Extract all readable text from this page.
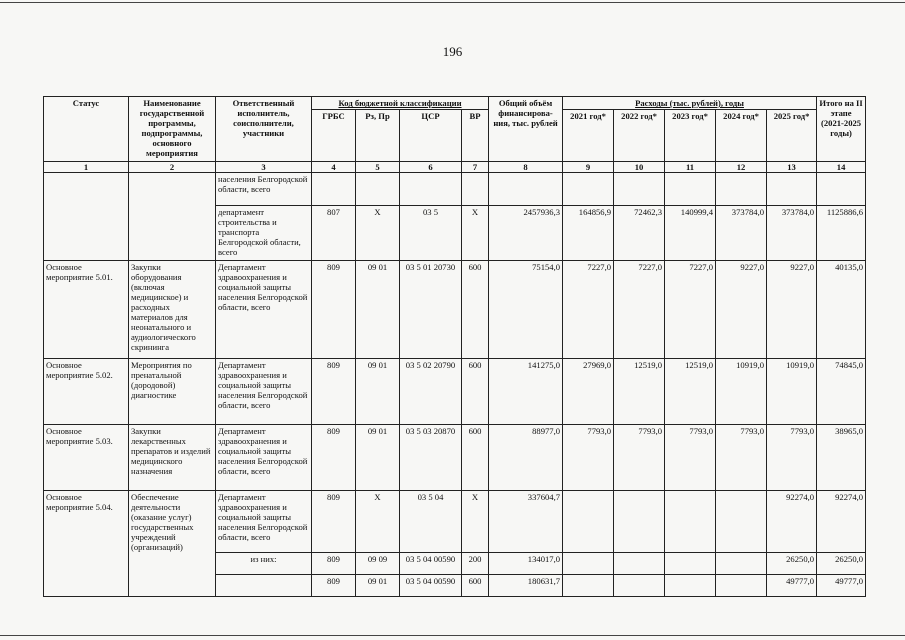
196
Статус	Наименование государственной программы, подпрограммы, основного мероприятия	Ответственный исполнитель, соисполнители, участники	Код бюджетной классификации				Общий объём финансирова-ния, тыс. рублей	Расходы (тыс. рублей), годы					Итого на II этапе (2021-2025 годы)
			ГРБС	Рз, Пр	ЦСР	ВР		2021 год*	2022 год*	2023 год*	2024 год*	2025 год*	
1	2	3	4	5	6	7	8	9	10	11	12	13	14
		населения Белгородской области, всего											
		департамент строительства и транспорта Белгородской области, всего	807	X	03 5	X	2457936,3	164856,9	72462,3	140999,4	373784,0	373784,0	1125886,6
Основное мероприятие 5.01.	Закупки оборудования (включая медицинское) и расходных материалов для неонатального и аудиологического скрининга	Департамент здравоохранения и социальной защиты населения Белгородской области, всего	809	09 01	03 5 01 20730	600	75154,0	7227,0	7227,0	7227,0	9227,0	9227,0	40135,0
Основное мероприятие 5.02.	Мероприятия по пренатальной (дородовой) диагностике	Департамент здравоохранения и социальной защиты населения Белгородской области, всего	809	09 01	03 5 02 20790	600	141275,0	27969,0	12519,0	12519,0	10919,0	10919,0	74845,0
Основное мероприятие 5.03.	Закупки лекарственных препаратов и изделий медицинского назначения	Департамент здравоохранения и социальной защиты населения Белгородской области, всего	809	09 01	03 5 03 20870	600	88977,0	7793,0	7793,0	7793,0	7793,0	7793,0	38965,0
Основное мероприятие 5.04.	Обеспечение деятельности (оказание услуг) государственных учреждений (организаций)	Департамент здравоохранения и социальной защиты населения Белгородской области, всего	809	X	03 5 04	X	337604,7					92274,0	92274,0
		из них:	809	09 09	03 5 04 00590	200	134017,0					26250,0	26250,0
			809	09 01	03 5 04 00590	600	180631,7					49777,0	49777,0
